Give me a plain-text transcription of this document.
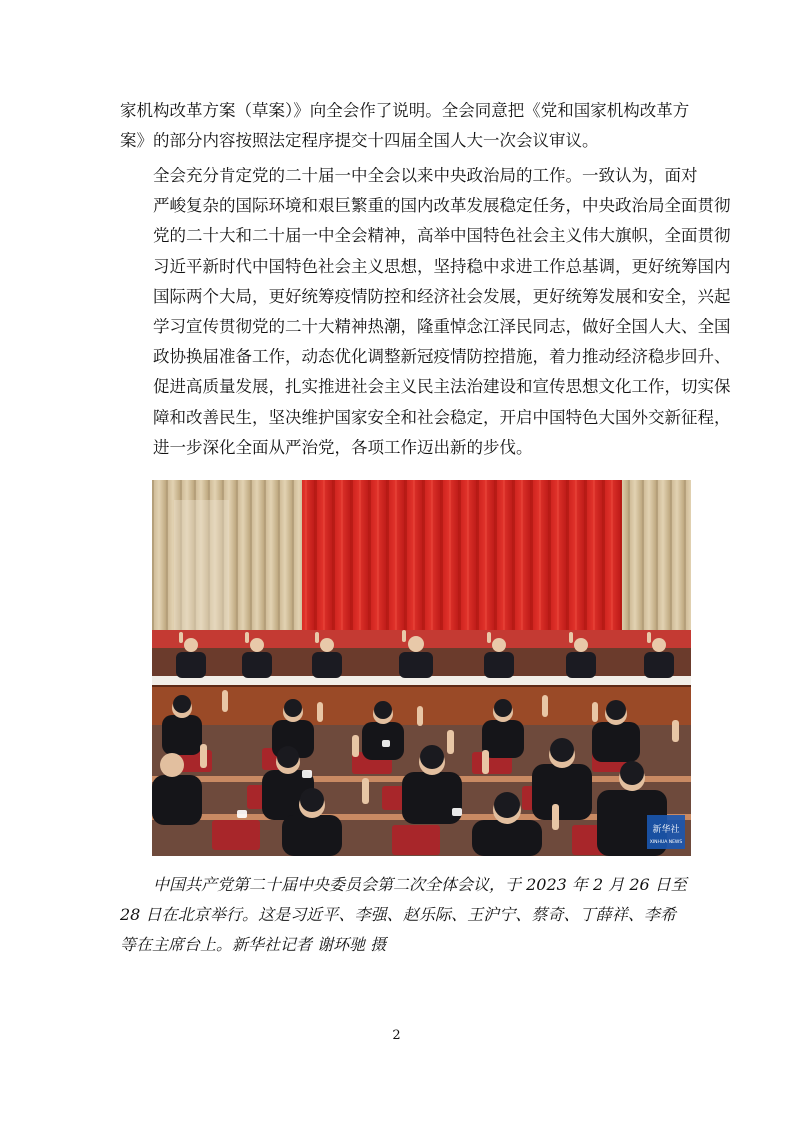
家机构改革方案（草案）》向全会作了说明。全会同意把《党和国家机构改革方
案》的部分内容按照法定程序提交十四届全国人大一次会议审议。
全会充分肯定党的二十届一中全会以来中央政治局的工作。一致认为，面对
严峻复杂的国际环境和艰巨繁重的国内改革发展稳定任务，中央政治局全面贯彻
党的二十大和二十届一中全会精神，高举中国特色社会主义伟大旗帜，全面贯彻
习近平新时代中国特色社会主义思想，坚持稳中求进工作总基调，更好统筹国内
国际两个大局，更好统筹疫情防控和经济社会发展，更好统筹发展和安全，兴起
学习宣传贯彻党的二十大精神热潮，隆重悼念江泽民同志，做好全国人大、全国
政协换届准备工作，动态优化调整新冠疫情防控措施，着力推动经济稳步回升、
促进高质量发展，扎实推进社会主义民主法治建设和宣传思想文化工作，切实保
障和改善民生，坚决维护国家安全和社会稳定，开启中国特色大国外交新征程，
进一步深化全面从严治党，各项工作迈出新的步伐。
新华社
XINHUA NEWS
中国共产党第二十届中央委员会第二次全体会议，于 2023 年 2 月 26 日至
28 日在北京举行。这是习近平、李强、赵乐际、王沪宁、蔡奇、丁薛祥、李希
等在主席台上。新华社记者 谢环驰 摄
2
